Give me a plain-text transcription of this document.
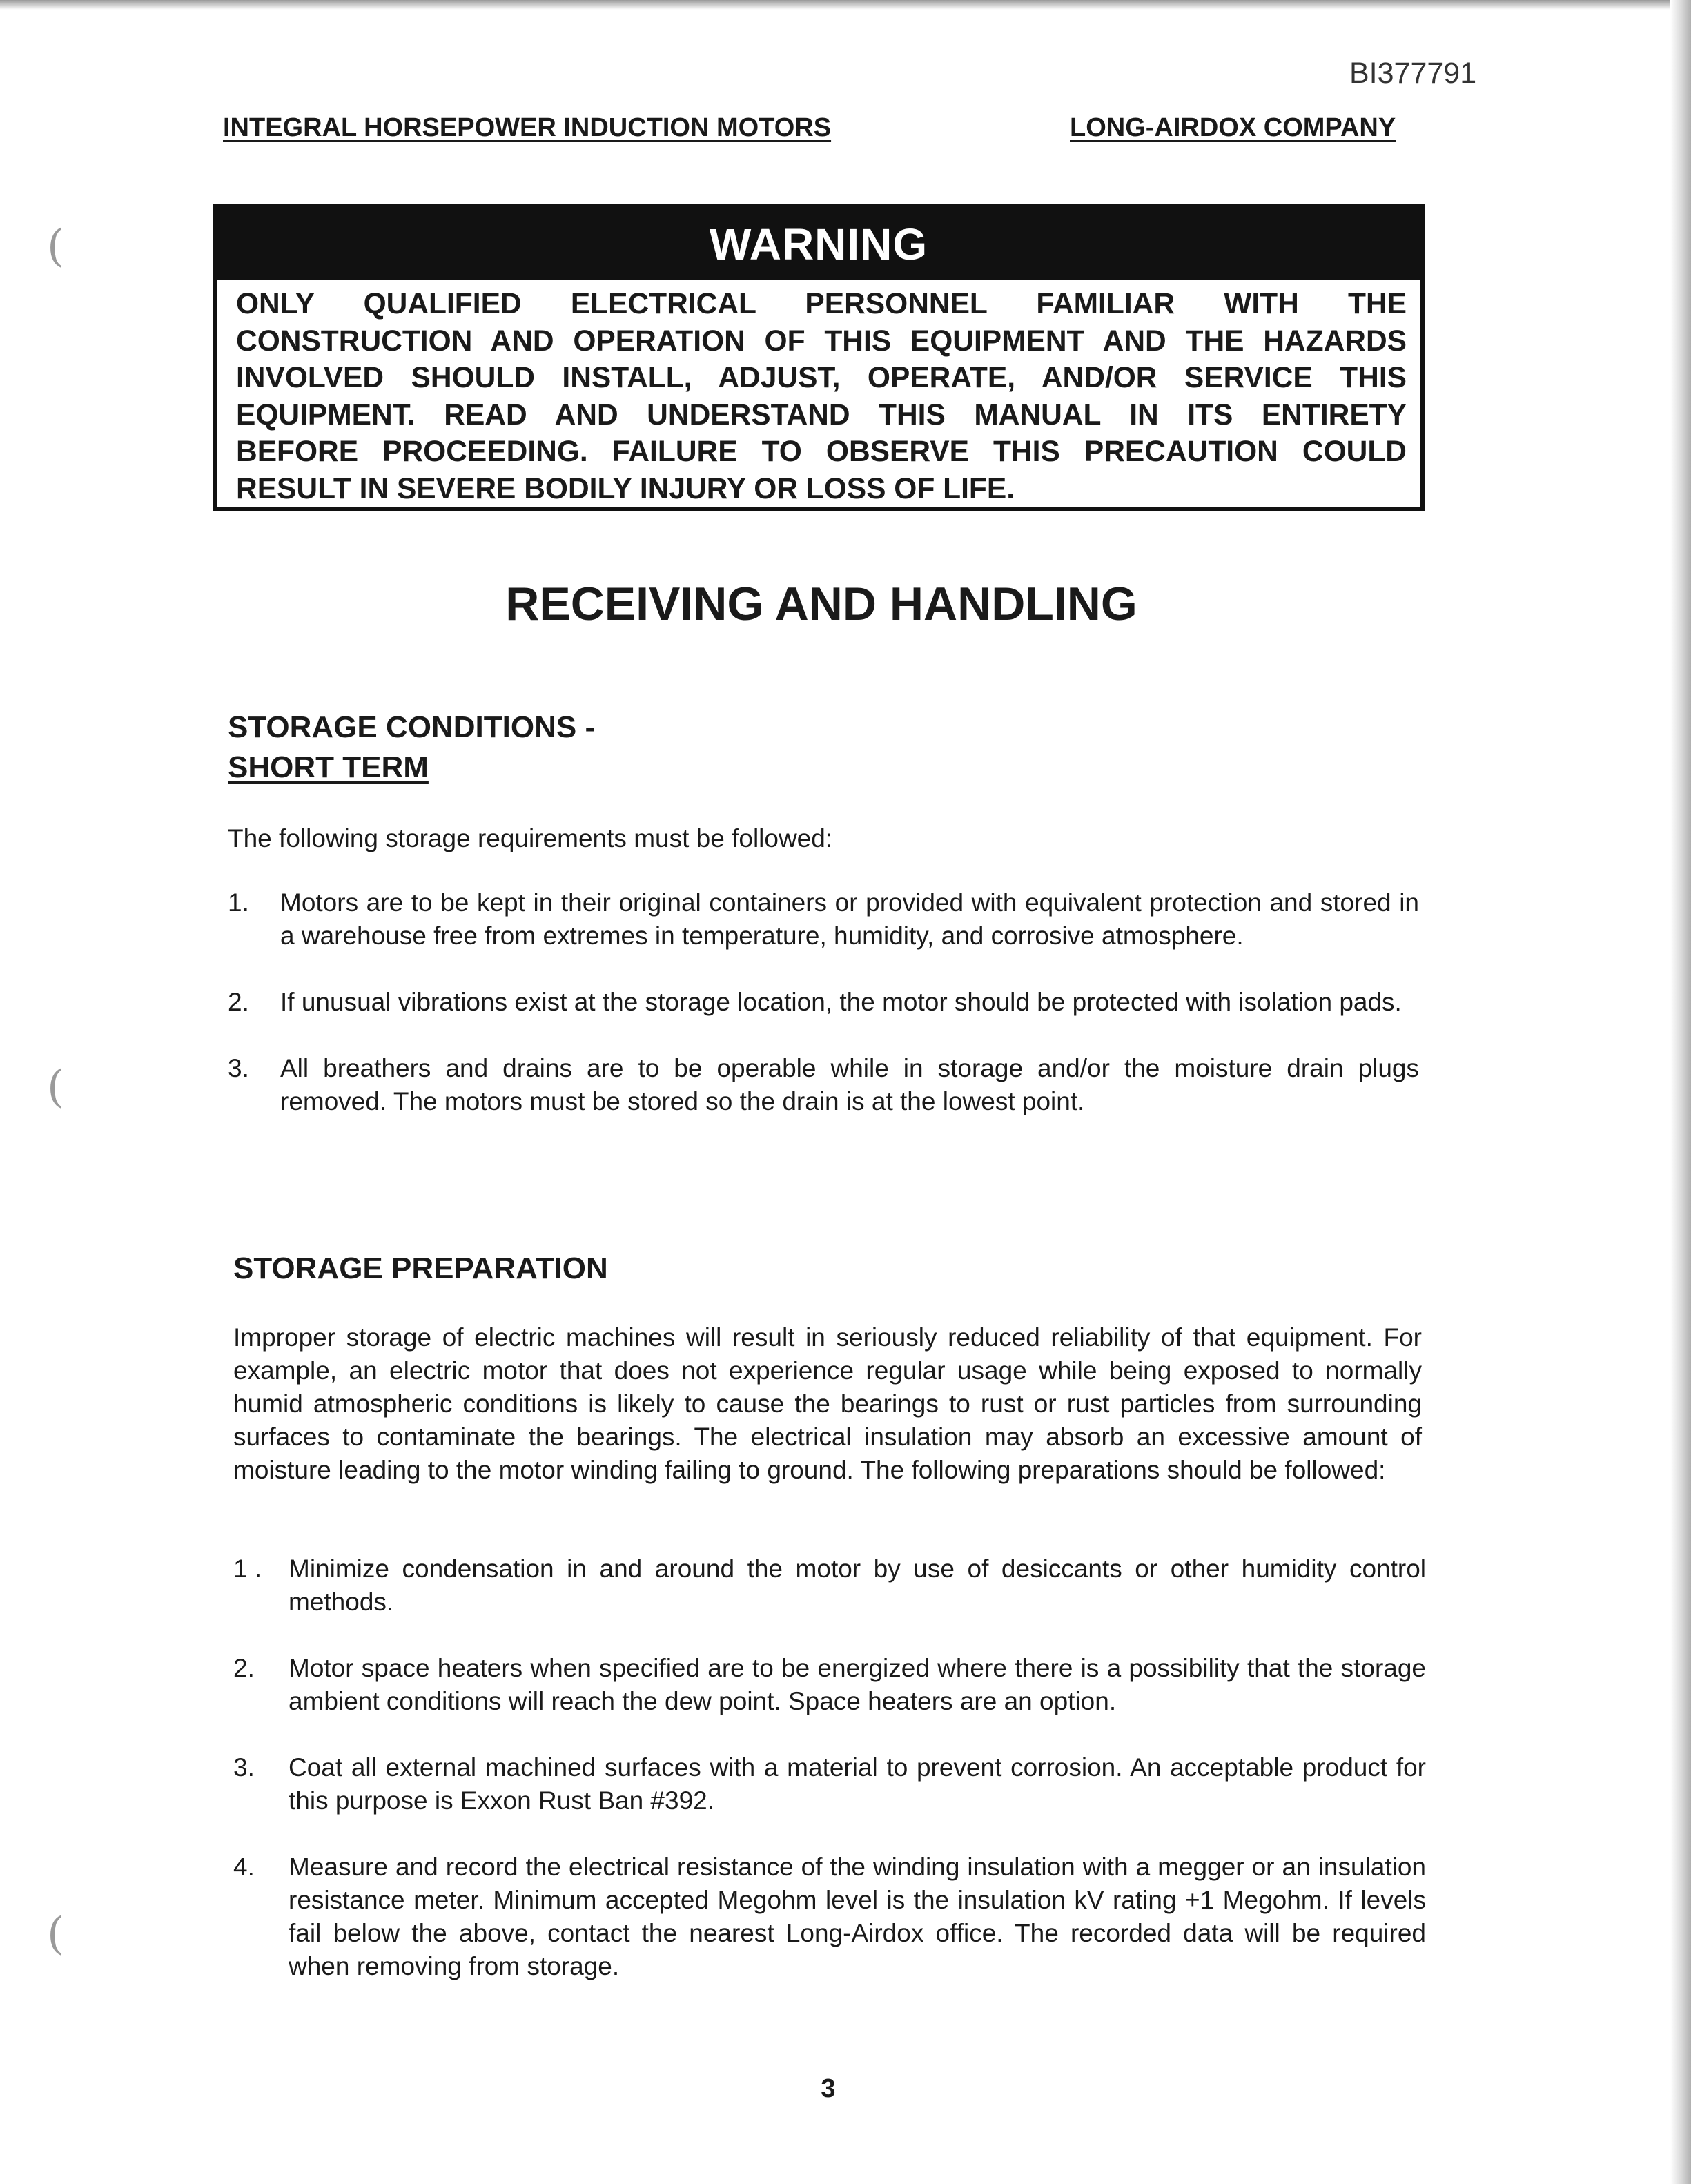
(
(
(
BI377791
INTEGRAL HORSEPOWER INDUCTION MOTORS	LONG-AIRDOX COMPANY
WARNING
ONLY QUALIFIED ELECTRICAL PERSONNEL FAMILIAR WITH THE
CONSTRUCTION AND OPERATION OF THIS EQUIPMENT AND THE HAZARDS
INVOLVED SHOULD INSTALL, ADJUST, OPERATE, AND/OR SERVICE THIS
EQUIPMENT. READ AND UNDERSTAND THIS MANUAL IN ITS ENTIRETY
BEFORE PROCEEDING. FAILURE TO OBSERVE THIS PRECAUTION COULD
RESULT IN SEVERE BODILY INJURY OR LOSS OF LIFE.
RECEIVING AND HANDLING
STORAGE CONDITIONS -
SHORT TERM
The following storage requirements must be followed:
1. Motors are to be kept in their original containers or provided with equivalent protection and stored in a warehouse free from extremes in temperature, humidity, and corrosive atmosphere.
2. If unusual vibrations exist at the storage location, the motor should be protected with isolation pads.
3. All breathers and drains are to be operable while in storage and/or the moisture drain plugs removed. The motors must be stored so the drain is at the lowest point.
STORAGE PREPARATION
Improper storage of electric machines will result in seriously reduced reliability of that equipment. For example, an electric motor that does not experience regular usage while being exposed to normally humid atmospheric conditions is likely to cause the bearings to rust or rust particles from surrounding surfaces to contaminate the bearings. The electrical insulation may absorb an excessive amount of moisture leading to the motor winding failing to ground. The following preparations should be followed:
1 . Minimize condensation in and around the motor by use of desiccants or other humidity control methods.
2. Motor space heaters when specified are to be energized where there is a possibility that the storage ambient conditions will reach the dew point. Space heaters are an option.
3. Coat all external machined surfaces with a material to prevent corrosion. An acceptable product for this purpose is Exxon Rust Ban #392.
4. Measure and record the electrical resistance of the winding insulation with a megger or an insulation resistance meter. Minimum accepted Megohm level is the insulation kV rating +1 Megohm. If levels fail below the above, contact the nearest Long-Airdox office. The recorded data will be required when removing from storage.
3
